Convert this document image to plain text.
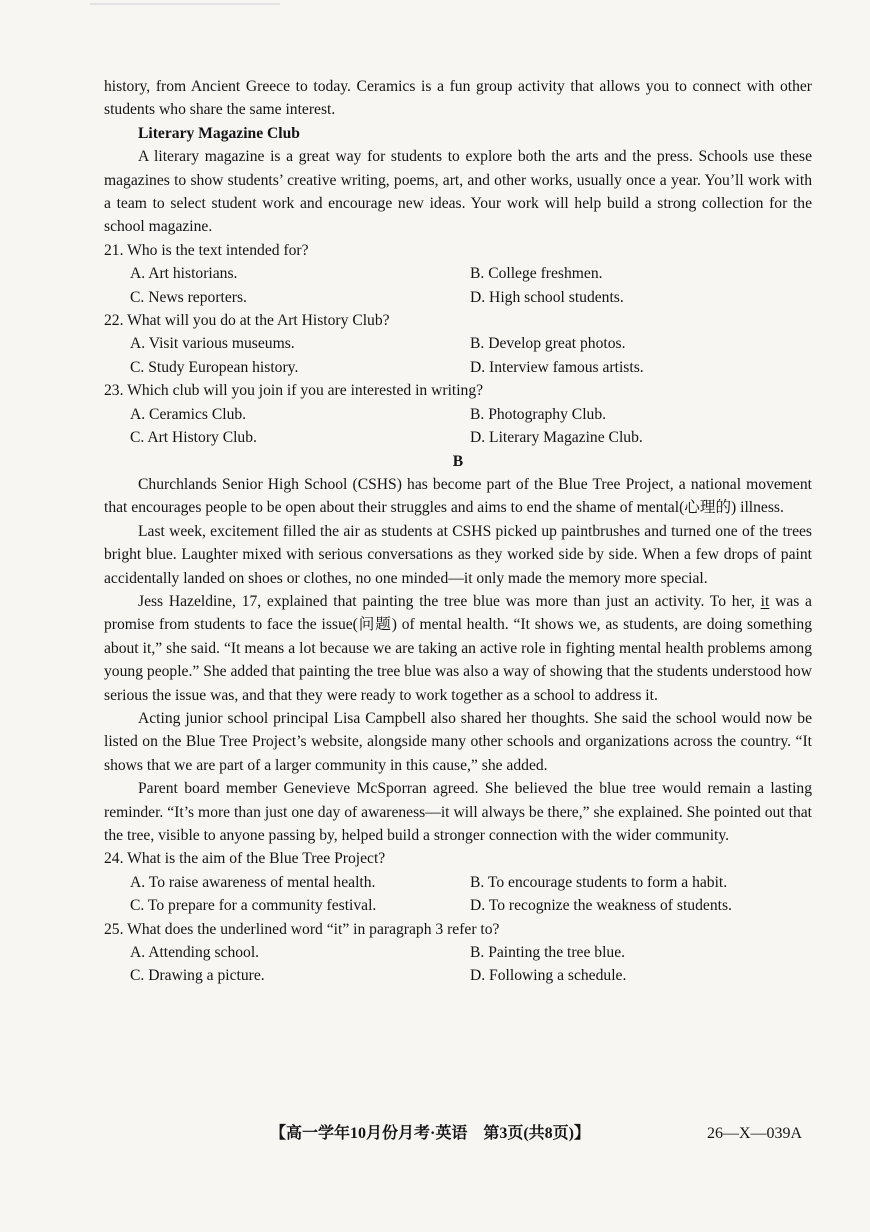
history, from Ancient Greece to today. Ceramics is a fun group activity that allows you to connect with other students who share the same interest.

Literary Magazine Club

A literary magazine is a great way for students to explore both the arts and the press. Schools use these magazines to show students’ creative writing, poems, art, and other works, usually once a year. You’ll work with a team to select student work and encourage new ideas. Your work will help build a strong collection for the school magazine.

21. Who is the text intended for?

A. Art historians.	B. College freshmen.
C. News reporters.	D. High school students.

22. What will you do at the Art History Club?

A. Visit various museums.	B. Develop great photos.
C. Study European history.	D. Interview famous artists.

23. Which club will you join if you are interested in writing?

A. Ceramics Club.	B. Photography Club.
C. Art History Club.	D. Literary Magazine Club.

B

Churchlands Senior High School (CSHS) has become part of the Blue Tree Project, a national movement that encourages people to be open about their struggles and aims to end the shame of mental(心理的) illness.

Last week, excitement filled the air as students at CSHS picked up paintbrushes and turned one of the trees bright blue. Laughter mixed with serious conversations as they worked side by side. When a few drops of paint accidentally landed on shoes or clothes, no one minded—it only made the memory more special.

Jess Hazeldine, 17, explained that painting the tree blue was more than just an activity. To her, it was a promise from students to face the issue(问题) of mental health. “It shows we, as students, are doing something about it,” she said. “It means a lot because we are taking an active role in fighting mental health problems among young people.” She added that painting the tree blue was also a way of showing that the students understood how serious the issue was, and that they were ready to work together as a school to address it.

Acting junior school principal Lisa Campbell also shared her thoughts. She said the school would now be listed on the Blue Tree Project’s website, alongside many other schools and organizations across the country. “It shows that we are part of a larger community in this cause,” she added.

Parent board member Genevieve McSporran agreed. She believed the blue tree would remain a lasting reminder. “It’s more than just one day of awareness—it will always be there,” she explained. She pointed out that the tree, visible to anyone passing by, helped build a stronger connection with the wider community.

24. What is the aim of the Blue Tree Project?

A. To raise awareness of mental health.	B. To encourage students to form a habit.
C. To prepare for a community festival.	D. To recognize the weakness of students.

25. What does the underlined word “it” in paragraph 3 refer to?

A. Attending school.	B. Painting the tree blue.
C. Drawing a picture.	D. Following a schedule.
【高一学年10月份月考·英语　第3页(共8页)】	26—X—039A
